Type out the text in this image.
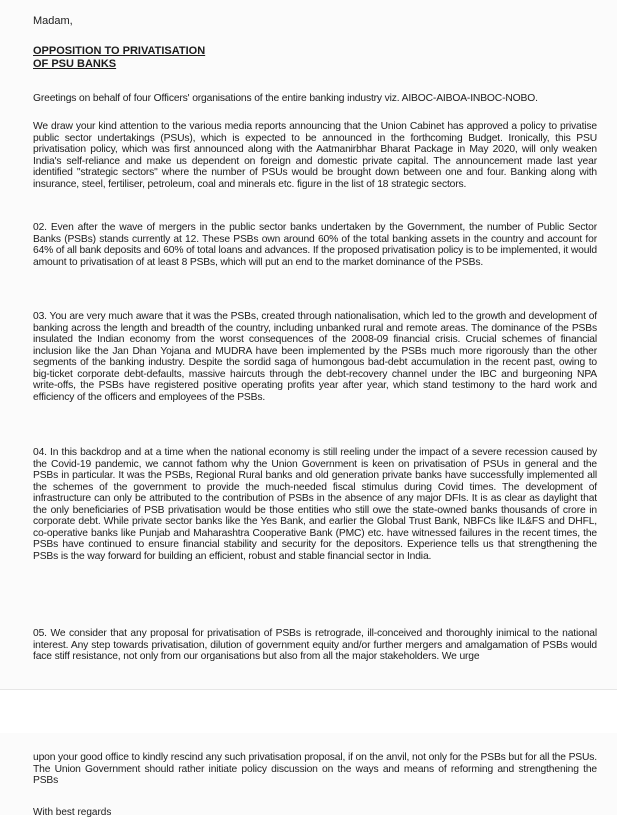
Madam,

OPPOSITION TO PRIVATISATION
OF PSU BANKS

Greetings on behalf of four Officers' organisations of the entire banking industry viz. AIBOC-AIBOA-INBOC-NOBO.

We draw your kind attention to the various media reports announcing that the Union Cabinet has approved a policy to privatise public sector undertakings (PSUs), which is expected to be announced in the forthcoming Budget. Ironically, this PSU privatisation policy, which was first announced along with the Aatmanirbhar Bharat Package in May 2020, will only weaken India's self-reliance and make us dependent on foreign and domestic private capital. The announcement made last year identified "strategic sectors" where the number of PSUs would be brought down between one and four. Banking along with insurance, steel, fertiliser, petroleum, coal and minerals etc. figure in the list of 18 strategic sectors.

02. Even after the wave of mergers in the public sector banks undertaken by the Government, the number of Public Sector Banks (PSBs) stands currently at 12. These PSBs own around 60% of the total banking assets in the country and account for 64% of all bank deposits and 60% of total loans and advances. If the proposed privatisation policy is to be implemented, it would amount to privatisation of at least 8 PSBs, which will put an end to the market dominance of the PSBs.

03. You are very much aware that it was the PSBs, created through nationalisation, which led to the growth and development of banking across the length and breadth of the country, including unbanked rural and remote areas. The dominance of the PSBs insulated the Indian economy from the worst consequences of the 2008-09 financial crisis. Crucial schemes of financial inclusion like the Jan Dhan Yojana and MUDRA have been implemented by the PSBs much more rigorously than the other segments of the banking industry. Despite the sordid saga of humongous bad-debt accumulation in the recent past, owing to big-ticket corporate debt-defaults, massive haircuts through the debt-recovery channel under the IBC and burgeoning NPA write-offs, the PSBs have registered positive operating profits year after year, which stand testimony to the hard work and efficiency of the officers and employees of the PSBs.

04. In this backdrop and at a time when the national economy is still reeling under the impact of a severe recession caused by the Covid-19 pandemic, we cannot fathom why the Union Government is keen on privatisation of PSUs in general and the PSBs in particular. It was the PSBs, Regional Rural banks and old generation private banks have successfully implemented all the schemes of the government to provide the much-needed fiscal stimulus during Covid times. The development of infrastructure can only be attributed to the contribution of PSBs in the absence of any major DFIs. It is as clear as daylight that the only beneficiaries of PSB privatisation would be those entities who still owe the state-owned banks thousands of crore in corporate debt. While private sector banks like the Yes Bank, and earlier the Global Trust Bank, NBFCs like IL&FS and DHFL, co-operative banks like Punjab and Maharashtra Cooperative Bank (PMC) etc. have witnessed failures in the recent times, the PSBs have continued to ensure financial stability and security for the depositors. Experience tells us that strengthening the PSBs is the way forward for building an efficient, robust and stable financial sector in India.

05. We consider that any proposal for privatisation of PSBs is retrograde, ill-conceived and thoroughly inimical to the national interest. Any step towards privatisation, dilution of government equity and/or further mergers and amalgamation of PSBs would face stiff resistance, not only from our organisations but also from all the major stakeholders. We urge

upon your good office to kindly rescind any such privatisation proposal, if on the anvil, not only for the PSBs but for all the PSUs. The Union Government should rather initiate policy discussion on the ways and means of reforming and strengthening the PSBs

With best regards
